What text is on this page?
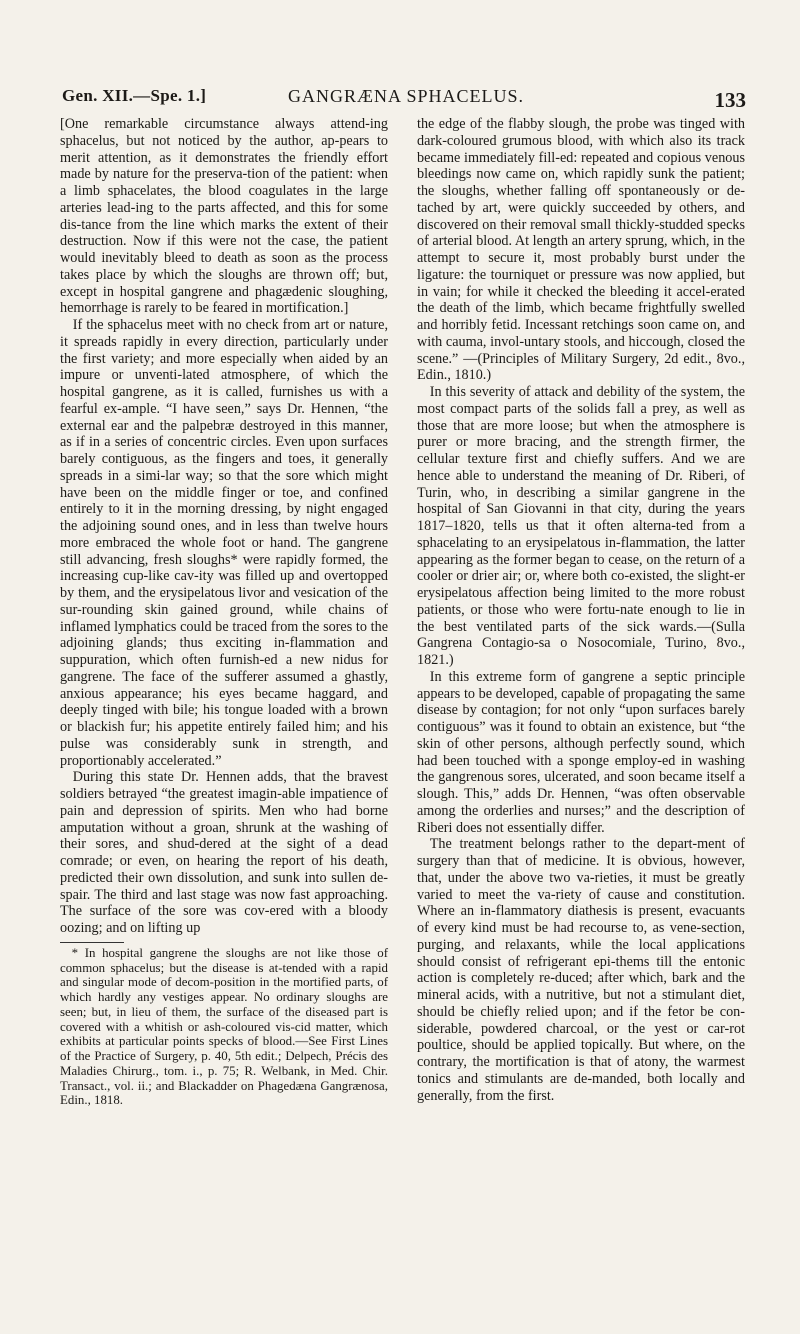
Gen. XII.—Spe. 1.]	GANGRÆNA SPHACELUS.	133

[One remarkable circumstance always attend-ing sphacelus, but not noticed by the author, ap-pears to merit attention, as it demonstrates the friendly effort made by nature for the preserva-tion of the patient: when a limb sphacelates, the blood coagulates in the large arteries lead-ing to the parts affected, and this for some dis-tance from the line which marks the extent of their destruction. Now if this were not the case, the patient would inevitably bleed to death as soon as the process takes place by which the sloughs are thrown off; but, except in hospital gangrene and phagædenic sloughing, hemorrhage is rarely to be feared in mortification.]

If the sphacelus meet with no check from art or nature, it spreads rapidly in every direction, particularly under the first variety; and more especially when aided by an impure or unventi-lated atmosphere, of which the hospital gangrene, as it is called, furnishes us with a fearful ex-ample. “I have seen,” says Dr. Hennen, “the external ear and the palpebræ destroyed in this manner, as if in a series of concentric circles. Even upon surfaces barely contiguous, as the fingers and toes, it generally spreads in a simi-lar way; so that the sore which might have been on the middle finger or toe, and confined entirely to it in the morning dressing, by night engaged the adjoining sound ones, and in less than twelve hours more embraced the whole foot or hand. The gangrene still advancing, fresh sloughs* were rapidly formed, the increasing cup-like cav-ity was filled up and overtopped by them, and the erysipelatous livor and vesication of the sur-rounding skin gained ground, while chains of inflamed lymphatics could be traced from the sores to the adjoining glands; thus exciting in-flammation and suppuration, which often furnish-ed a new nidus for gangrene. The face of the sufferer assumed a ghastly, anxious appearance; his eyes became haggard, and deeply tinged with bile; his tongue loaded with a brown or blackish fur; his appetite entirely failed him; and his pulse was considerably sunk in strength, and proportionably accelerated.”

During this state Dr. Hennen adds, that the bravest soldiers betrayed “the greatest imagin-able impatience of pain and depression of spirits. Men who had borne amputation without a groan, shrunk at the washing of their sores, and shud-dered at the sight of a dead comrade; or even, on hearing the report of his death, predicted their own dissolution, and sunk into sullen de-spair. The third and last stage was now fast approaching. The surface of the sore was cov-ered with a bloody oozing; and on lifting up

* In hospital gangrene the sloughs are not like those of common sphacelus; but the disease is at-tended with a rapid and singular mode of decom-position in the mortified parts, of which hardly any vestiges appear. No ordinary sloughs are seen; but, in lieu of them, the surface of the diseased part is covered with a whitish or ash-coloured vis-cid matter, which exhibits at particular points specks of blood.—See First Lines of the Practice of Surgery, p. 40, 5th edit.; Delpech, Précis des Maladies Chirurg., tom. i., p. 75; R. Welbank, in Med. Chir. Transact., vol. ii.; and Blackadder on Phagedæna Gangrænosa, Edin., 1818.

the edge of the flabby slough, the probe was tinged with dark-coloured grumous blood, with which also its track became immediately fill-ed: repeated and copious venous bleedings now came on, which rapidly sunk the patient; the sloughs, whether falling off spontaneously or de-tached by art, were quickly succeeded by others, and discovered on their removal small thickly-studded specks of arterial blood. At length an artery sprung, which, in the attempt to secure it, most probably burst under the ligature: the tourniquet or pressure was now applied, but in vain; for while it checked the bleeding it accel-erated the death of the limb, which became frightfully swelled and horribly fetid. Incessant retchings soon came on, and with cauma, invol-untary stools, and hiccough, closed the scene.” —(Principles of Military Surgery, 2d edit., 8vo., Edin., 1810.)

In this severity of attack and debility of the system, the most compact parts of the solids fall a prey, as well as those that are more loose; but when the atmosphere is purer or more bracing, and the strength firmer, the cellular texture first and chiefly suffers. And we are hence able to understand the meaning of Dr. Riberi, of Turin, who, in describing a similar gangrene in the hospital of San Giovanni in that city, during the years 1817–1820, tells us that it often alterna-ted from a sphacelating to an erysipelatous in-flammation, the latter appearing as the former began to cease, on the return of a cooler or drier air; or, where both co-existed, the slight-er erysipelatous affection being limited to the more robust patients, or those who were fortu-nate enough to lie in the best ventilated parts of the sick wards.—(Sulla Gangrena Contagio-sa o Nosocomiale, Turino, 8vo., 1821.)

In this extreme form of gangrene a septic principle appears to be developed, capable of propagating the same disease by contagion; for not only “upon surfaces barely contiguous” was it found to obtain an existence, but “the skin of other persons, although perfectly sound, which had been touched with a sponge employ-ed in washing the gangrenous sores, ulcerated, and soon became itself a slough. This,” adds Dr. Hennen, “was often observable among the orderlies and nurses;” and the description of Riberi does not essentially differ.

The treatment belongs rather to the depart-ment of surgery than that of medicine. It is obvious, however, that, under the above two va-rieties, it must be greatly varied to meet the va-riety of cause and constitution. Where an in-flammatory diathesis is present, evacuants of every kind must be had recourse to, as vene-section, purging, and relaxants, while the local applications should consist of refrigerant epi-thems till the entonic action is completely re-duced; after which, bark and the mineral acids, with a nutritive, but not a stimulant diet, should be chiefly relied upon; and if the fetor be con-siderable, powdered charcoal, or the yest or car-rot poultice, should be applied topically. But where, on the contrary, the mortification is that of atony, the warmest tonics and stimulants are de-manded, both locally and generally, from the first.
